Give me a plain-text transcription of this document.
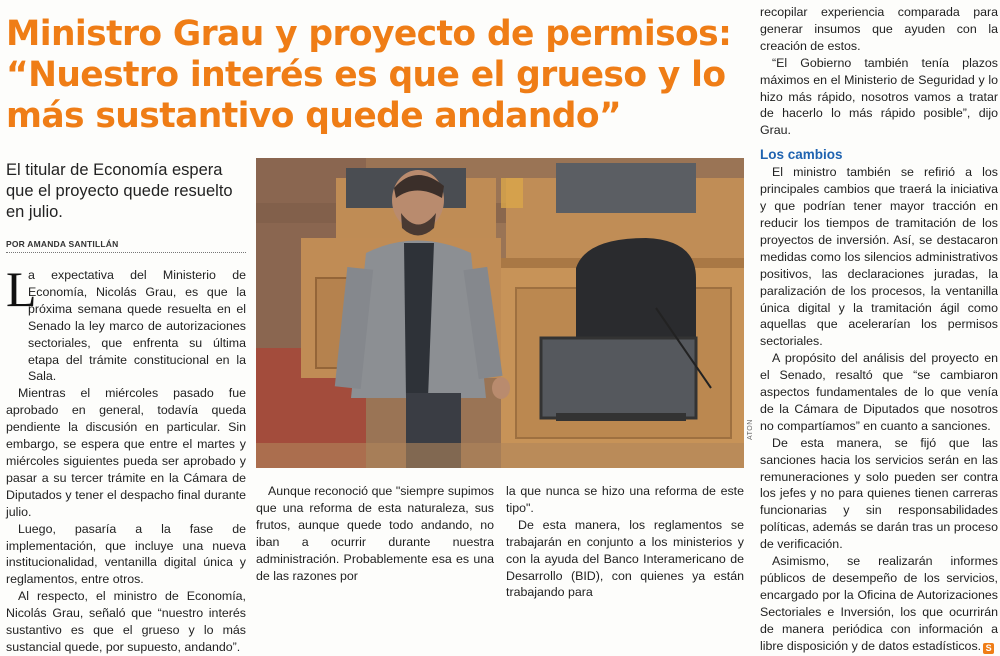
Ministro Grau y proyecto de permisos:
“Nuestro interés es que el grueso y lo
más sustantivo quede andando”
El titular de Economía espera que el proyecto quede resuelto en julio.
POR AMANDA SANTILLÁN

L
a expectativa del Ministerio de Economía, Nicolás Grau, es que la próxima semana quede resuelta en el Senado la ley marco de autorizaciones sectoriales, que enfrenta su última etapa del trámite constitucional en la Sala.

Mientras el miércoles pasado fue aprobado en general, todavía queda pendiente la discusión en particular. Sin embargo, se espera que entre el martes y miércoles siguientes pueda ser aprobado y pasar a su tercer trámite en la Cámara de Diputados y tener el despacho final durante julio.

Luego, pasaría a la fase de implementación, que incluye una nueva institucionalidad, ventanilla digital única y reglamentos, entre otros.

Al respecto, el ministro de Economía, Nicolás Grau, señaló que “nuestro interés sustantivo es que el grueso y lo más sustancial quede, por supuesto, andando”.

ATON

Aunque reconoció que "siempre supimos que una reforma de esta naturaleza, sus frutos, aunque quede todo andando, no iban a ocurrir durante nuestra administración. Probablemente esa es una de las razones por

la que nunca se hizo una reforma de este tipo".

De esta manera, los reglamentos se trabajarán en conjunto a los ministerios y con la ayuda del Banco Interamericano de Desarrollo (BID), con quienes ya están trabajando para

recopilar experiencia comparada para generar insumos que ayuden con la creación de estos.

“El Gobierno también tenía plazos máximos en el Ministerio de Seguridad y lo hizo más rápido, nosotros vamos a tratar de hacerlo lo más rápido posible”, dijo Grau.

Los cambios

El ministro también se refirió a los principales cambios que traerá la iniciativa y que podrían tener mayor tracción en reducir los tiempos de tramitación de los proyectos de inversión. Así, se destacaron medidas como los silencios administrativos positivos, las declaraciones juradas, la paralización de los procesos, la ventanilla única digital y la tramitación ágil como aquellas que acelerarían los permisos sectoriales.

A propósito del análisis del proyecto en el Senado, resaltó que “se cambiaron aspectos fundamentales de lo que venía de la Cámara de Diputados que nosotros no compartíamos” en cuanto a sanciones.

De esta manera, se fijó que las sanciones hacia los servicios serán en las remuneraciones y solo pueden ser contra los jefes y no para quienes tienen carreras funcionarias y sin responsabilidades políticas, además se darán tras un proceso de verificación.

Asimismo, se realizarán informes públicos de desempeño de los servicios, encargado por la Oficina de Autorizaciones Sectoriales e Inversión, los que ocurrirán de manera periódica con información a libre disposición y de datos estadísticos. S
